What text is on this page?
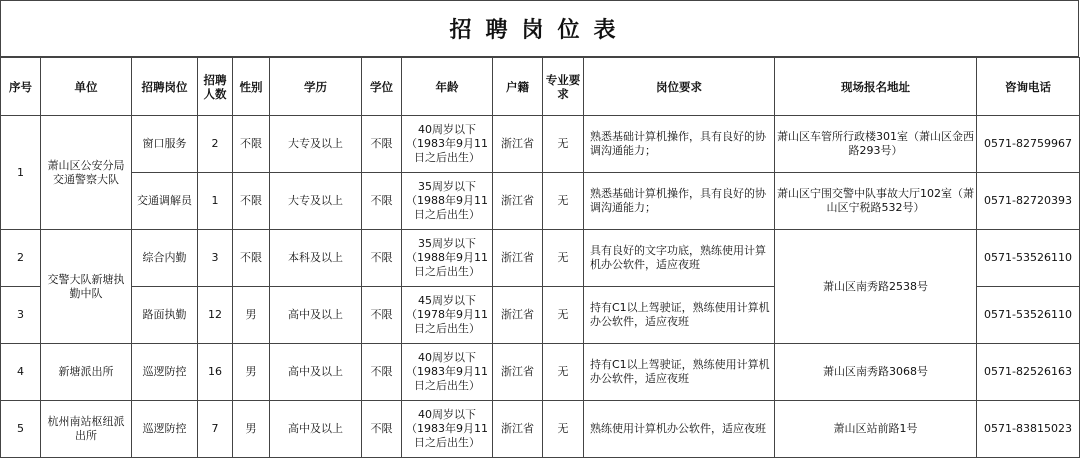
招聘岗位表
序号	单位	招聘岗位	招聘人数	性别	学历	学位	年龄	户籍	专业要求	岗位要求	现场报名地址	咨询电话
1	萧山区公安分局交通警察大队	窗口服务	2	不限	大专及以上	不限	40周岁以下（1983年9月11日之后出生）	浙江省	无	熟悉基础计算机操作，具有良好的协调沟通能力；	萧山区车管所行政楼301室（萧山区金西路293号）	0571-82759967
		交通调解员	1	不限	大专及以上	不限	35周岁以下（1988年9月11日之后出生）	浙江省	无	熟悉基础计算机操作，具有良好的协调沟通能力；	萧山区宁围交警中队事故大厅102室（萧山区宁税路532号）	0571-82720393
2	交警大队新塘执勤中队	综合内勤	3	不限	本科及以上	不限	35周岁以下（1988年9月11日之后出生）	浙江省	无	具有良好的文字功底，熟练使用计算机办公软件，适应夜班	萧山区南秀路2538号	0571-53526110
3		路面执勤	12	男	高中及以上	不限	45周岁以下（1978年9月11日之后出生）	浙江省	无	持有C1以上驾驶证，熟练使用计算机办公软件，适应夜班		0571-53526110
4	新塘派出所	巡逻防控	16	男	高中及以上	不限	40周岁以下（1983年9月11日之后出生）	浙江省	无	持有C1以上驾驶证，熟练使用计算机办公软件，适应夜班	萧山区南秀路3068号	0571-82526163
5	杭州南站枢纽派出所	巡逻防控	7	男	高中及以上	不限	40周岁以下（1983年9月11日之后出生）	浙江省	无	熟练使用计算机办公软件，适应夜班	萧山区站前路1号	0571-83815023
